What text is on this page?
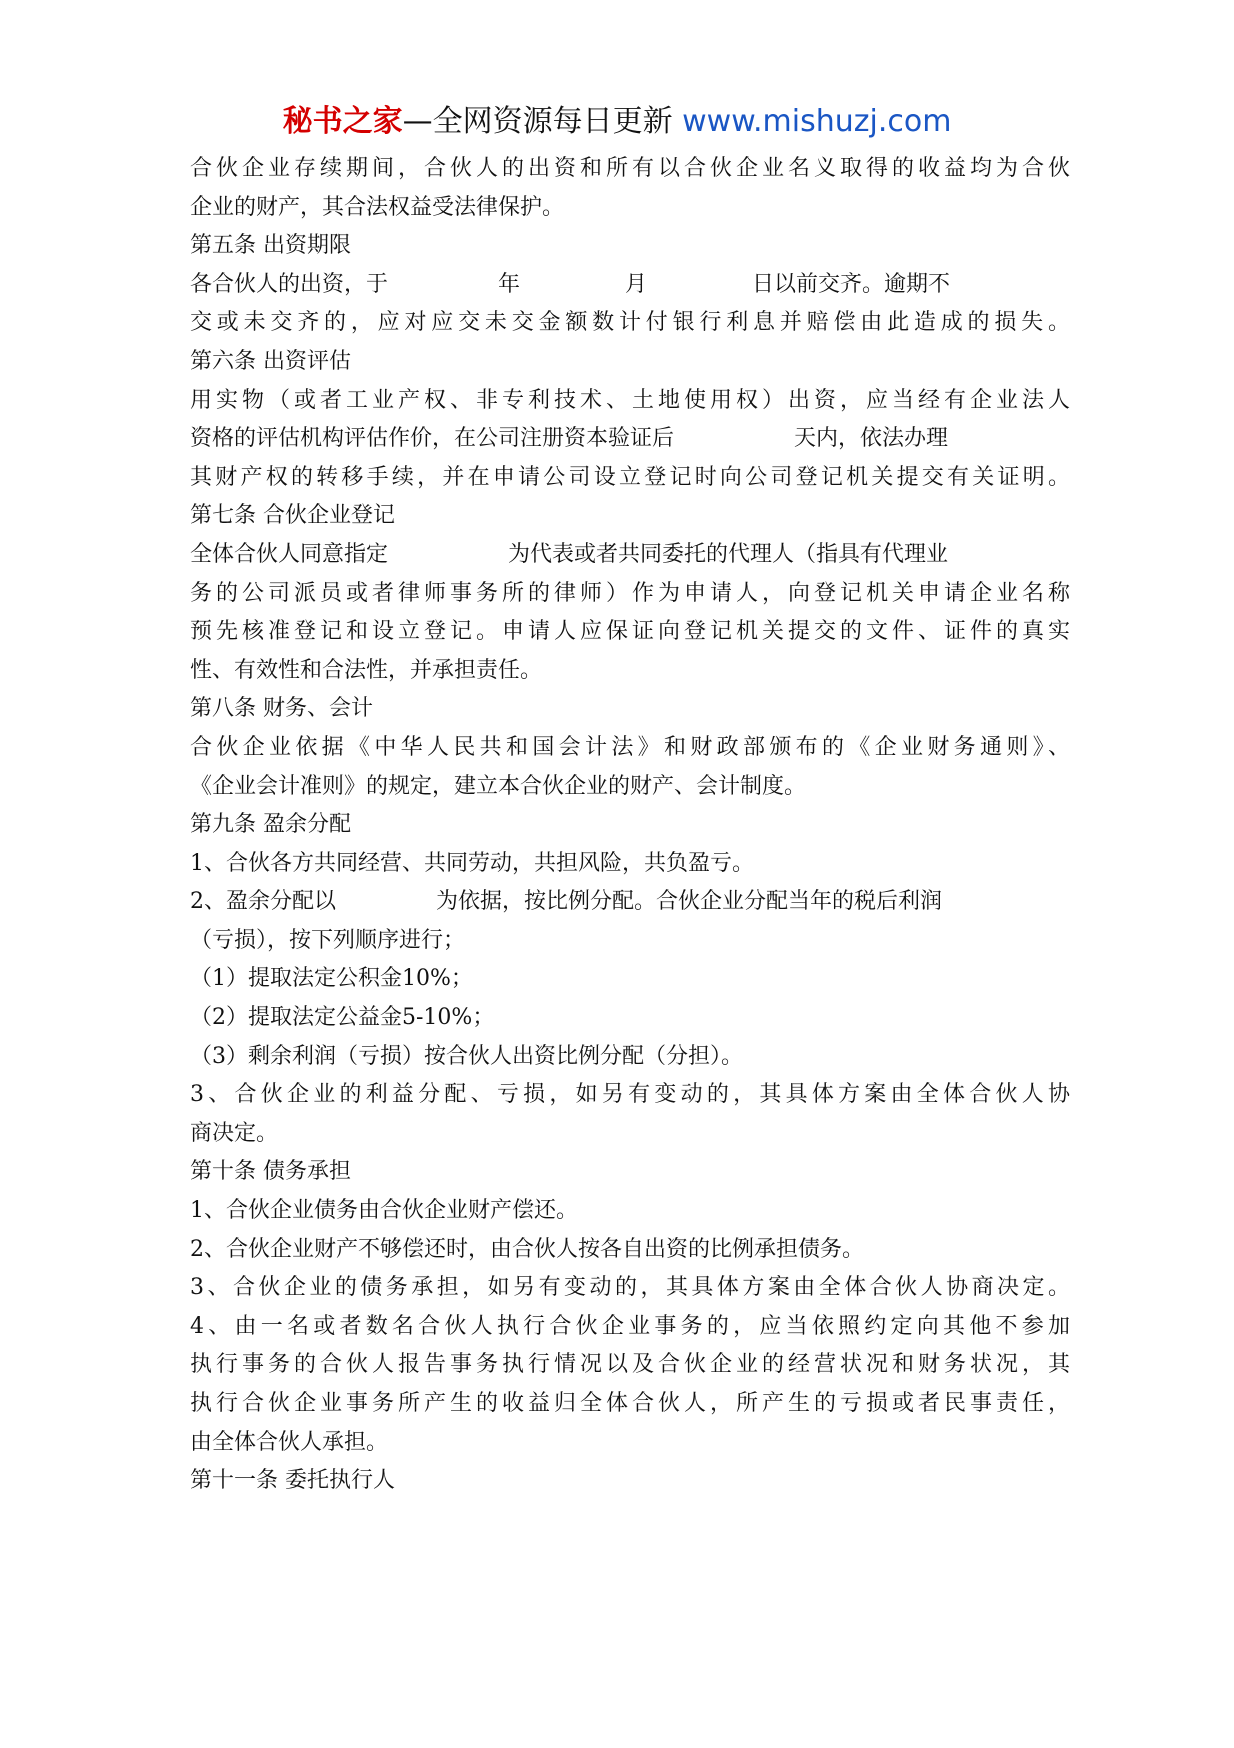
秘书之家—全网资源每日更新 www.mishuzj.com
合伙企业存续期间，合伙人的出资和所有以合伙企业名义取得的收益均为合伙
企业的财产，其合法权益受法律保护。
第五条 出资期限
各合伙人的出资，于	年	月	日以前交齐。逾期不
交或未交齐的，应对应交未交金额数计付银行利息并赔偿由此造成的损失。
第六条 出资评估
用实物（或者工业产权、非专利技术、土地使用权）出资，应当经有企业法人
资格的评估机构评估作价，在公司注册资本验证后	天内，依法办理
其财产权的转移手续，并在申请公司设立登记时向公司登记机关提交有关证明。
第七条 合伙企业登记
全体合伙人同意指定	为代表或者共同委托的代理人（指具有代理业
务的公司派员或者律师事务所的律师）作为申请人，向登记机关申请企业名称
预先核准登记和设立登记。申请人应保证向登记机关提交的文件、证件的真实
性、有效性和合法性，并承担责任。
第八条 财务、会计
合伙企业依据《中华人民共和国会计法》和财政部颁布的《企业财务通则》、
《企业会计准则》的规定，建立本合伙企业的财产、会计制度。
第九条 盈余分配
1、合伙各方共同经营、共同劳动，共担风险，共负盈亏。
2、盈余分配以	为依据，按比例分配。合伙企业分配当年的税后利润
（亏损），按下列顺序进行；
（1）提取法定公积金10%；
（2）提取法定公益金5-10%；
（3）剩余利润（亏损）按合伙人出资比例分配（分担）。
3、合伙企业的利益分配、亏损，如另有变动的，其具体方案由全体合伙人协
商决定。
第十条 债务承担
1、合伙企业债务由合伙企业财产偿还。
2、合伙企业财产不够偿还时，由合伙人按各自出资的比例承担债务。
3、合伙企业的债务承担，如另有变动的，其具体方案由全体合伙人协商决定。
4、由一名或者数名合伙人执行合伙企业事务的，应当依照约定向其他不参加
执行事务的合伙人报告事务执行情况以及合伙企业的经营状况和财务状况，其
执行合伙企业事务所产生的收益归全体合伙人，所产生的亏损或者民事责任，
由全体合伙人承担。
第十一条 委托执行人
